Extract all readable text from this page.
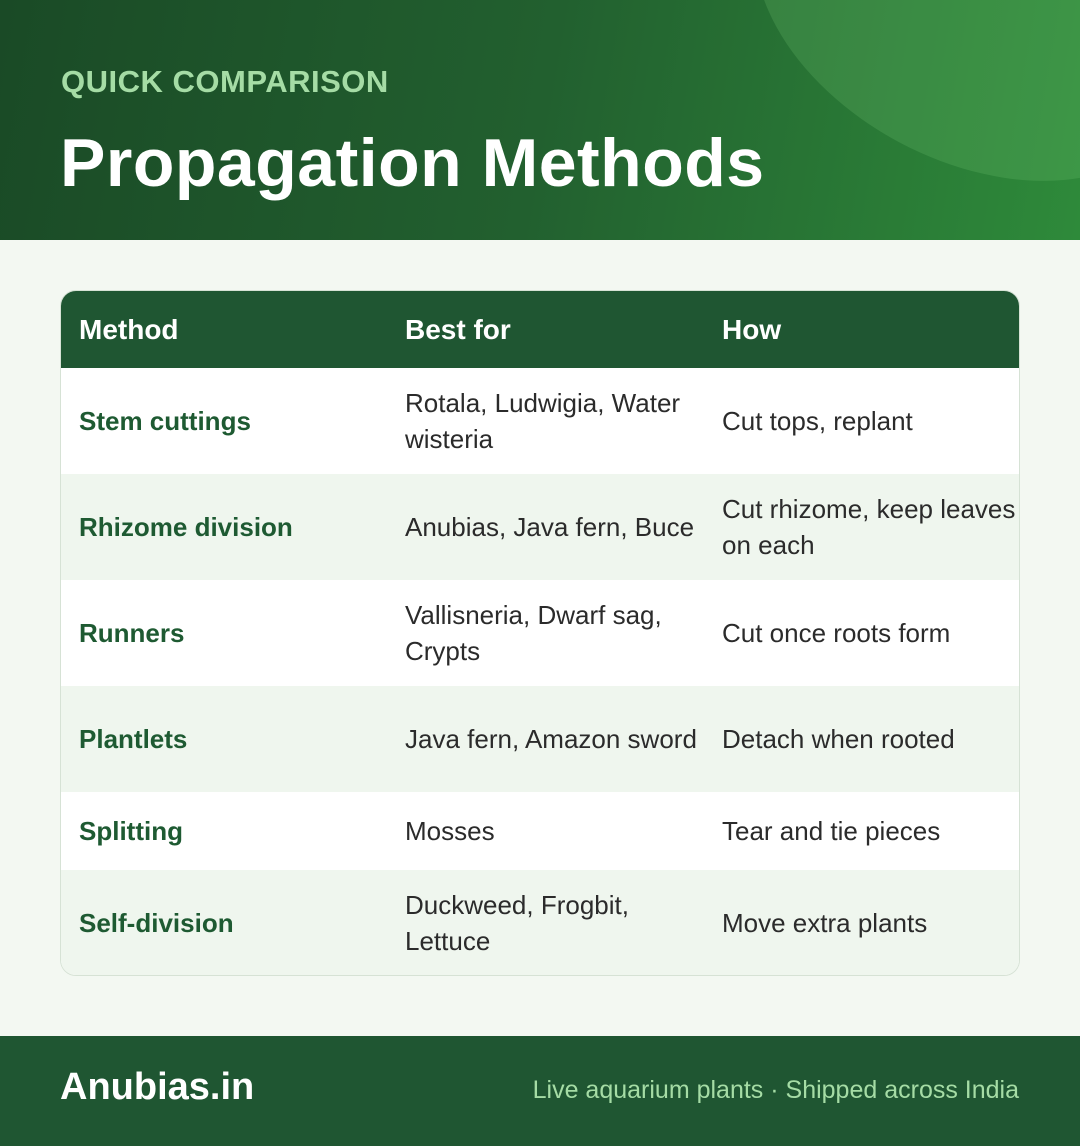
QUICK COMPARISON
Propagation Methods
Method	Best for	How
Stem cuttings	Rotala, Ludwigia, Water wisteria	Cut tops, replant
Rhizome division	Anubias, Java fern, Buce	Cut rhizome, keep leaves on each
Runners	Vallisneria, Dwarf sag, Crypts	Cut once roots form
Plantlets	Java fern, Amazon sword	Detach when rooted
Splitting	Mosses	Tear and tie pieces
Self-division	Duckweed, Frogbit, Lettuce	Move extra plants
Anubias.in	Live aquarium plants · Shipped across India
